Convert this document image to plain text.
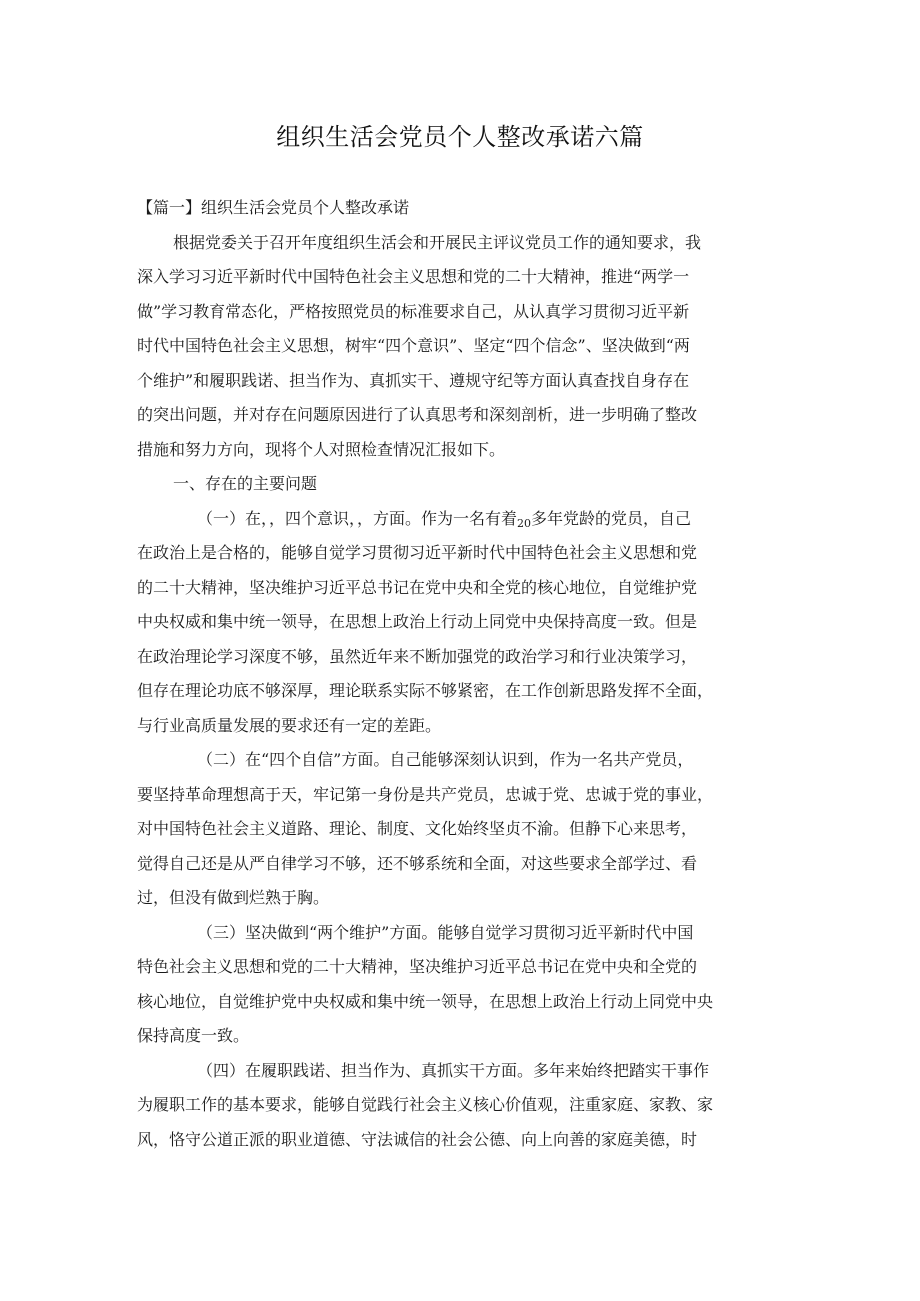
组织生活会党员个人整改承诺六篇
【篇一】组织生活会党员个人整改承诺
根据党委关于召开年度组织生活会和开展民主评议党员工作的通知要求，我
深入学习习近平新时代中国特色社会主义思想和党的二十大精神，推进“两学一
做”学习教育常态化，严格按照党员的标准要求自己，从认真学习贯彻习近平新
时代中国特色社会主义思想，树牢“四个意识”、坚定“四个信念”、坚决做到“两
个维护”和履职践诺、担当作为、真抓实干、遵规守纪等方面认真查找自身存在
的突出问题，并对存在问题原因进行了认真思考和深刻剖析，进一步明确了整改
措施和努力方向，现将个人对照检查情况汇报如下。
一、存在的主要问题
（一）在，，四个意识，，方面。作为一名有着$_{20}$多年党龄的党员，自己
在政治上是合格的，能够自觉学习贯彻习近平新时代中国特色社会主义思想和党
的二十大精神，坚决维护习近平总书记在党中央和全党的核心地位，自觉维护党
中央权威和集中统一领导，在思想上政治上行动上同党中央保持高度一致。但是
在政治理论学习深度不够，虽然近年来不断加强党的政治学习和行业决策学习，
但存在理论功底不够深厚，理论联系实际不够紧密，在工作创新思路发挥不全面，
与行业高质量发展的要求还有一定的差距。
（二）在“四个自信”方面。自己能够深刻认识到，作为一名共产党员，
要坚持革命理想高于天，牢记第一身份是共产党员，忠诚于党、忠诚于党的事业，
对中国特色社会主义道路、理论、制度、文化始终坚贞不渝。但静下心来思考，
觉得自己还是从严自律学习不够，还不够系统和全面，对这些要求全部学过、看
过，但没有做到烂熟于胸。
（三）坚决做到“两个维护”方面。能够自觉学习贯彻习近平新时代中国
特色社会主义思想和党的二十大精神，坚决维护习近平总书记在党中央和全党的
核心地位，自觉维护党中央权威和集中统一领导，在思想上政治上行动上同党中央
保持高度一致。
（四）在履职践诺、担当作为、真抓实干方面。多年来始终把踏实干事作
为履职工作的基本要求，能够自觉践行社会主义核心价值观，注重家庭、家教、家
风，恪守公道正派的职业道德、守法诚信的社会公德、向上向善的家庭美德，时
